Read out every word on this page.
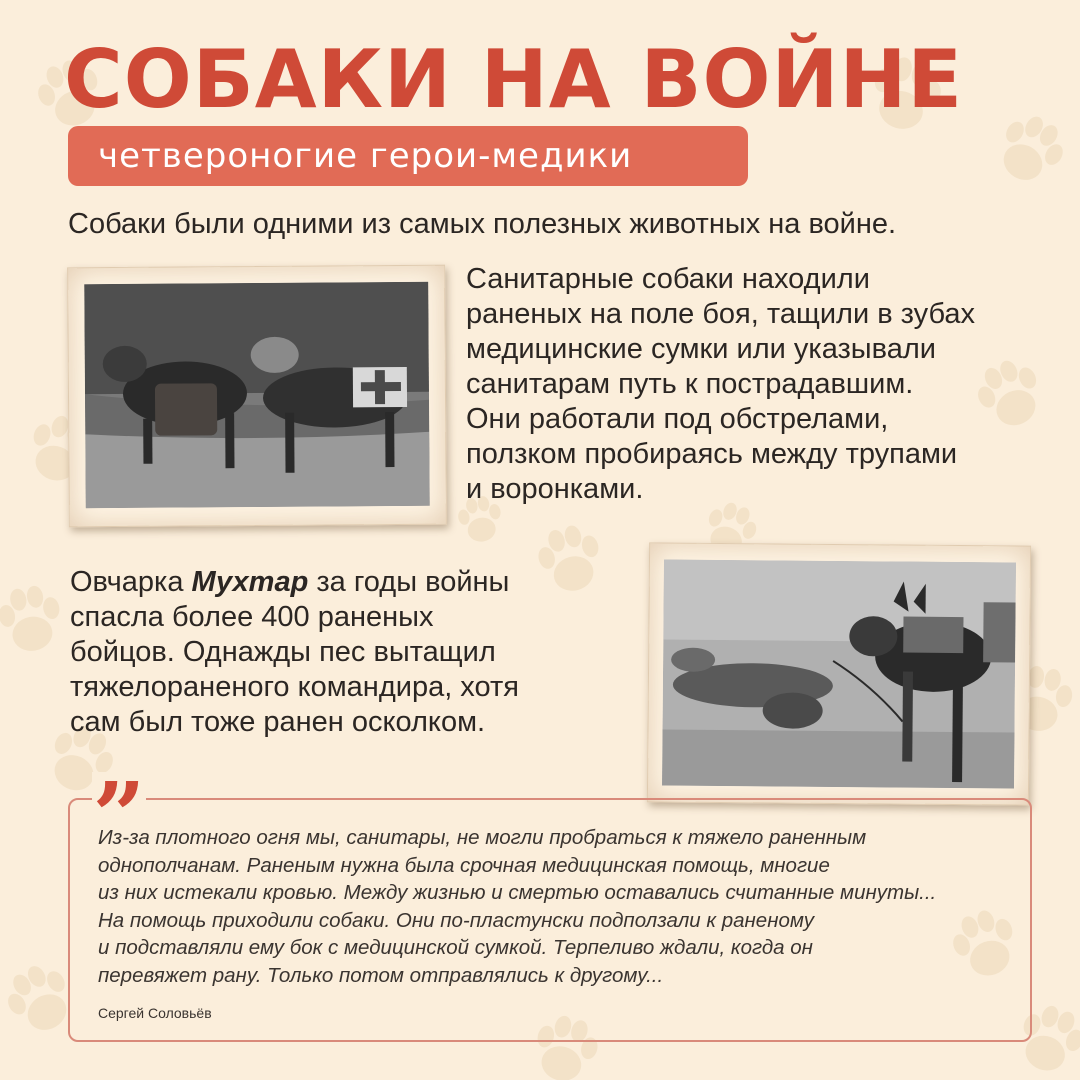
СОБАКИ НА ВОЙНЕ
четвероногие герои-медики

Собаки были одними из самых полезных животных на войне.

Санитарные собаки находили
раненых на поле боя, тащили в зубах
медицинские сумки или указывали
санитарам путь к пострадавшим.
Они работали под обстрелами,
ползком пробираясь между трупами
и воронками.

Овчарка Мухтар за годы войны
спасла более 400 раненых
бойцов. Однажды пес вытащил
тяжелораненого командира, хотя
сам был тоже ранен осколком.

”

Из-за плотного огня мы, санитары, не могли пробраться к тяжело раненным
однополчанам. Раненым нужна была срочная медицинская помощь, многие
из них истекали кровью. Между жизнью и смертью оставались считанные минуты...
На помощь приходили собаки. Они по-пластунски подползали к раненому
и подставляли ему бок с медицинской сумкой. Терпеливо ждали, когда он
перевяжет рану. Только потом отправлялись к другому...

Сергей Соловьёв
